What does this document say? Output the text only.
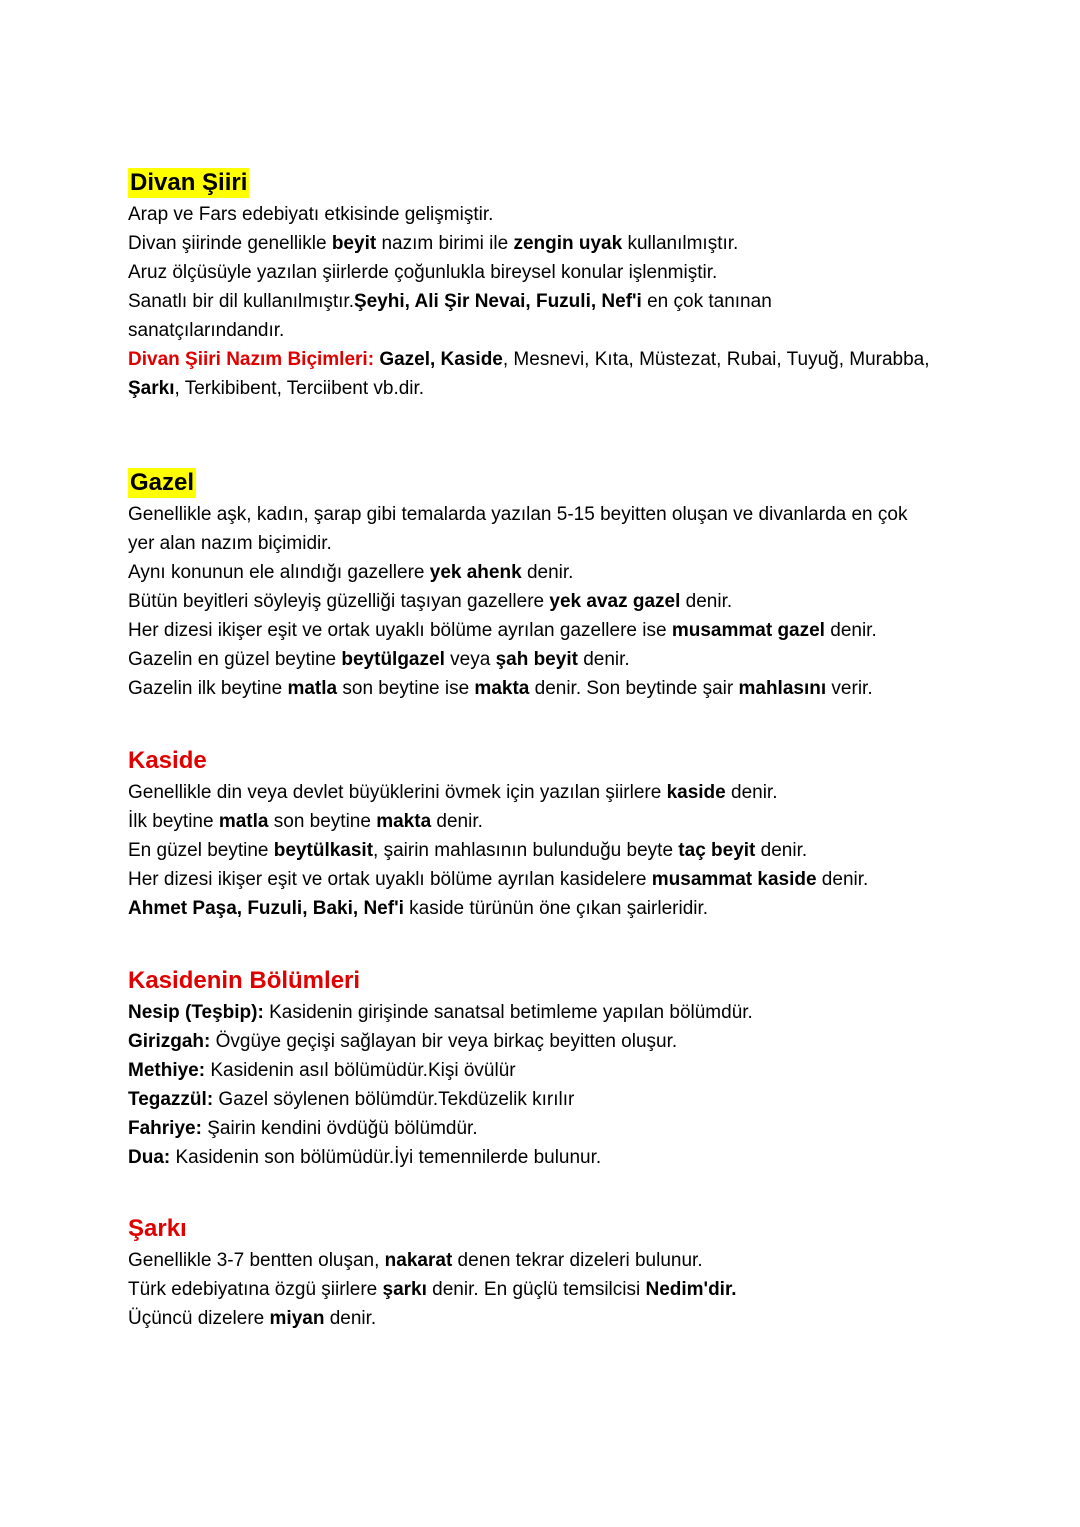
Divan Şiiri
Arap ve Fars edebiyatı etkisinde gelişmiştir.
Divan şiirinde genellikle beyit nazım birimi ile zengin uyak kullanılmıştır.
Aruz ölçüsüyle yazılan şiirlerde çoğunlukla bireysel konular işlenmiştir.
Sanatlı bir dil kullanılmıştır.Şeyhi, Ali Şir Nevai, Fuzuli, Nef'i en çok tanınan
sanatçılarındandır.
Divan Şiiri Nazım Biçimleri: Gazel, Kaside, Mesnevi, Kıta, Müstezat, Rubai, Tuyuğ, Murabba,
Şarkı, Terkibibent, Terciibent vb.dir.
Gazel
Genellikle aşk, kadın, şarap gibi temalarda yazılan 5-15 beyitten oluşan ve divanlarda en çok
yer alan nazım biçimidir.
Aynı konunun ele alındığı gazellere yek ahenk denir.
Bütün beyitleri söyleyiş güzelliği taşıyan gazellere yek avaz gazel denir.
Her dizesi ikişer eşit ve ortak uyaklı bölüme ayrılan gazellere ise musammat gazel denir.
Gazelin en güzel beytine beytülgazel veya şah beyit denir.
Gazelin ilk beytine matla son beytine ise makta denir. Son beytinde şair mahlasını verir.
Kaside
Genellikle din veya devlet büyüklerini övmek için yazılan şiirlere kaside denir.
İlk beytine matla son beytine makta denir.
En güzel beytine beytülkasit, şairin mahlasının bulunduğu beyte taç beyit denir.
Her dizesi ikişer eşit ve ortak uyaklı bölüme ayrılan kasidelere musammat kaside denir.
Ahmet Paşa, Fuzuli, Baki, Nef'i kaside türünün öne çıkan şairleridir.
Kasidenin Bölümleri
Nesip (Teşbip): Kasidenin girişinde sanatsal betimleme yapılan bölümdür.
Girizgah: Övgüye geçişi sağlayan bir veya birkaç beyitten oluşur.
Methiye: Kasidenin asıl bölümüdür.Kişi övülür
Tegazzül: Gazel söylenen bölümdür.Tekdüzelik kırılır
Fahriye: Şairin kendini övdüğü bölümdür.
Dua: Kasidenin son bölümüdür.İyi temennilerde bulunur.
Şarkı
Genellikle 3-7 bentten oluşan, nakarat denen tekrar dizeleri bulunur.
Türk edebiyatına özgü şiirlere şarkı denir. En güçlü temsilcisi Nedim'dir.
Üçüncü dizelere miyan denir.
